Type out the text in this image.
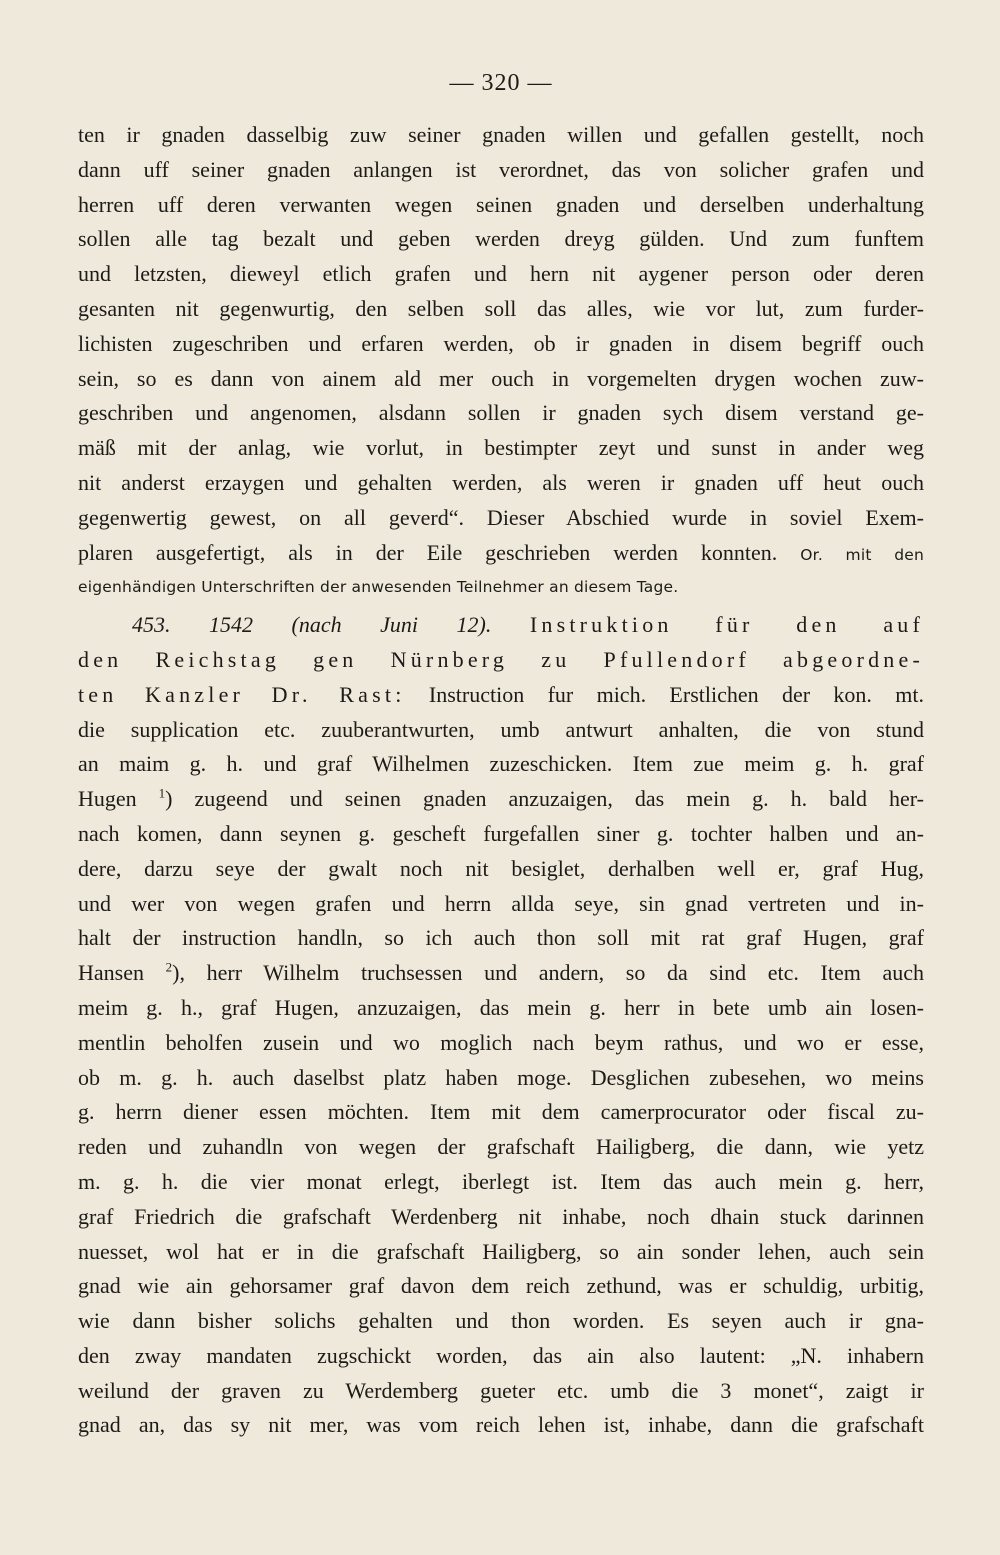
— 320 —
ten ir gnaden dasselbig zuw seiner gnaden willen und gefallen gestellt, noch
dann uff seiner gnaden anlangen ist verordnet, das von solicher grafen und
herren uff deren verwanten wegen seinen gnaden und derselben underhaltung
sollen alle tag bezalt und geben werden dreyg gülden. Und zum funftem
und letzsten, dieweyl etlich grafen und hern nit aygener person oder deren
gesanten nit gegenwurtig, den selben soll das alles, wie vor lut, zum furder-
lichisten zugeschriben und erfaren werden, ob ir gnaden in disem begriff ouch
sein, so es dann von ainem ald mer ouch in vorgemelten drygen wochen zuw-
geschriben und angenomen, alsdann sollen ir gnaden sych disem verstand ge-
mäß mit der anlag, wie vorlut, in bestimpter zeyt und sunst in ander weg
nit anderst erzaygen und gehalten werden, als weren ir gnaden uff heut ouch
gegenwertig gewest, on all geverd“. Dieser Abschied wurde in soviel Exem-
plaren ausgefertigt, als in der Eile geschrieben werden konnten. Or. mit den
eigenhändigen Unterschriften der anwesenden Teilnehmer an diesem Tage.
453. 1542 (nach Juni 12). Instruktion für den auf
den Reichstag gen Nürnberg zu Pfullendorf abgeordne-
ten Kanzler Dr. Rast: Instruction fur mich. Erstlichen der kon. mt.
die supplication etc. zuuberantwurten, umb antwurt anhalten, die von stund
an maim g. h. und graf Wilhelmen zuzeschicken. Item zue meim g. h. graf
Hugen $^1$) zugeend und seinen gnaden anzuzaigen, das mein g. h. bald her-
nach komen, dann seynen g. gescheft furgefallen siner g. tochter halben und an-
dere, darzu seye der gwalt noch nit besiglet, derhalben well er, graf Hug,
und wer von wegen grafen und herrn allda seye, sin gnad vertreten und in-
halt der instruction handln, so ich auch thon soll mit rat graf Hugen, graf
Hansen $^2$), herr Wilhelm truchsessen und andern, so da sind etc. Item auch
meim g. h., graf Hugen, anzuzaigen, das mein g. herr in bete umb ain losen-
mentlin beholfen zusein und wo moglich nach beym rathus, und wo er esse,
ob m. g. h. auch daselbst platz haben moge. Desglichen zubesehen, wo meins
g. herrn diener essen möchten. Item mit dem camerprocurator oder fiscal zu-
reden und zuhandln von wegen der grafschaft Hailigberg, die dann, wie yetz
m. g. h. die vier monat erlegt, iberlegt ist. Item das auch mein g. herr,
graf Friedrich die grafschaft Werdenberg nit inhabe, noch dhain stuck darinnen
nuesset, wol hat er in die grafschaft Hailigberg, so ain sonder lehen, auch sein
gnad wie ain gehorsamer graf davon dem reich zethund, was er schuldig, urbitig,
wie dann bisher solichs gehalten und thon worden. Es seyen auch ir gna-
den zway mandaten zugschickt worden, das ain also lautent: „N. inhabern
weilund der graven zu Werdemberg gueter etc. umb die 3 monet“, zaigt ir
gnad an, das sy nit mer, was vom reich lehen ist, inhabe, dann die grafschaft
